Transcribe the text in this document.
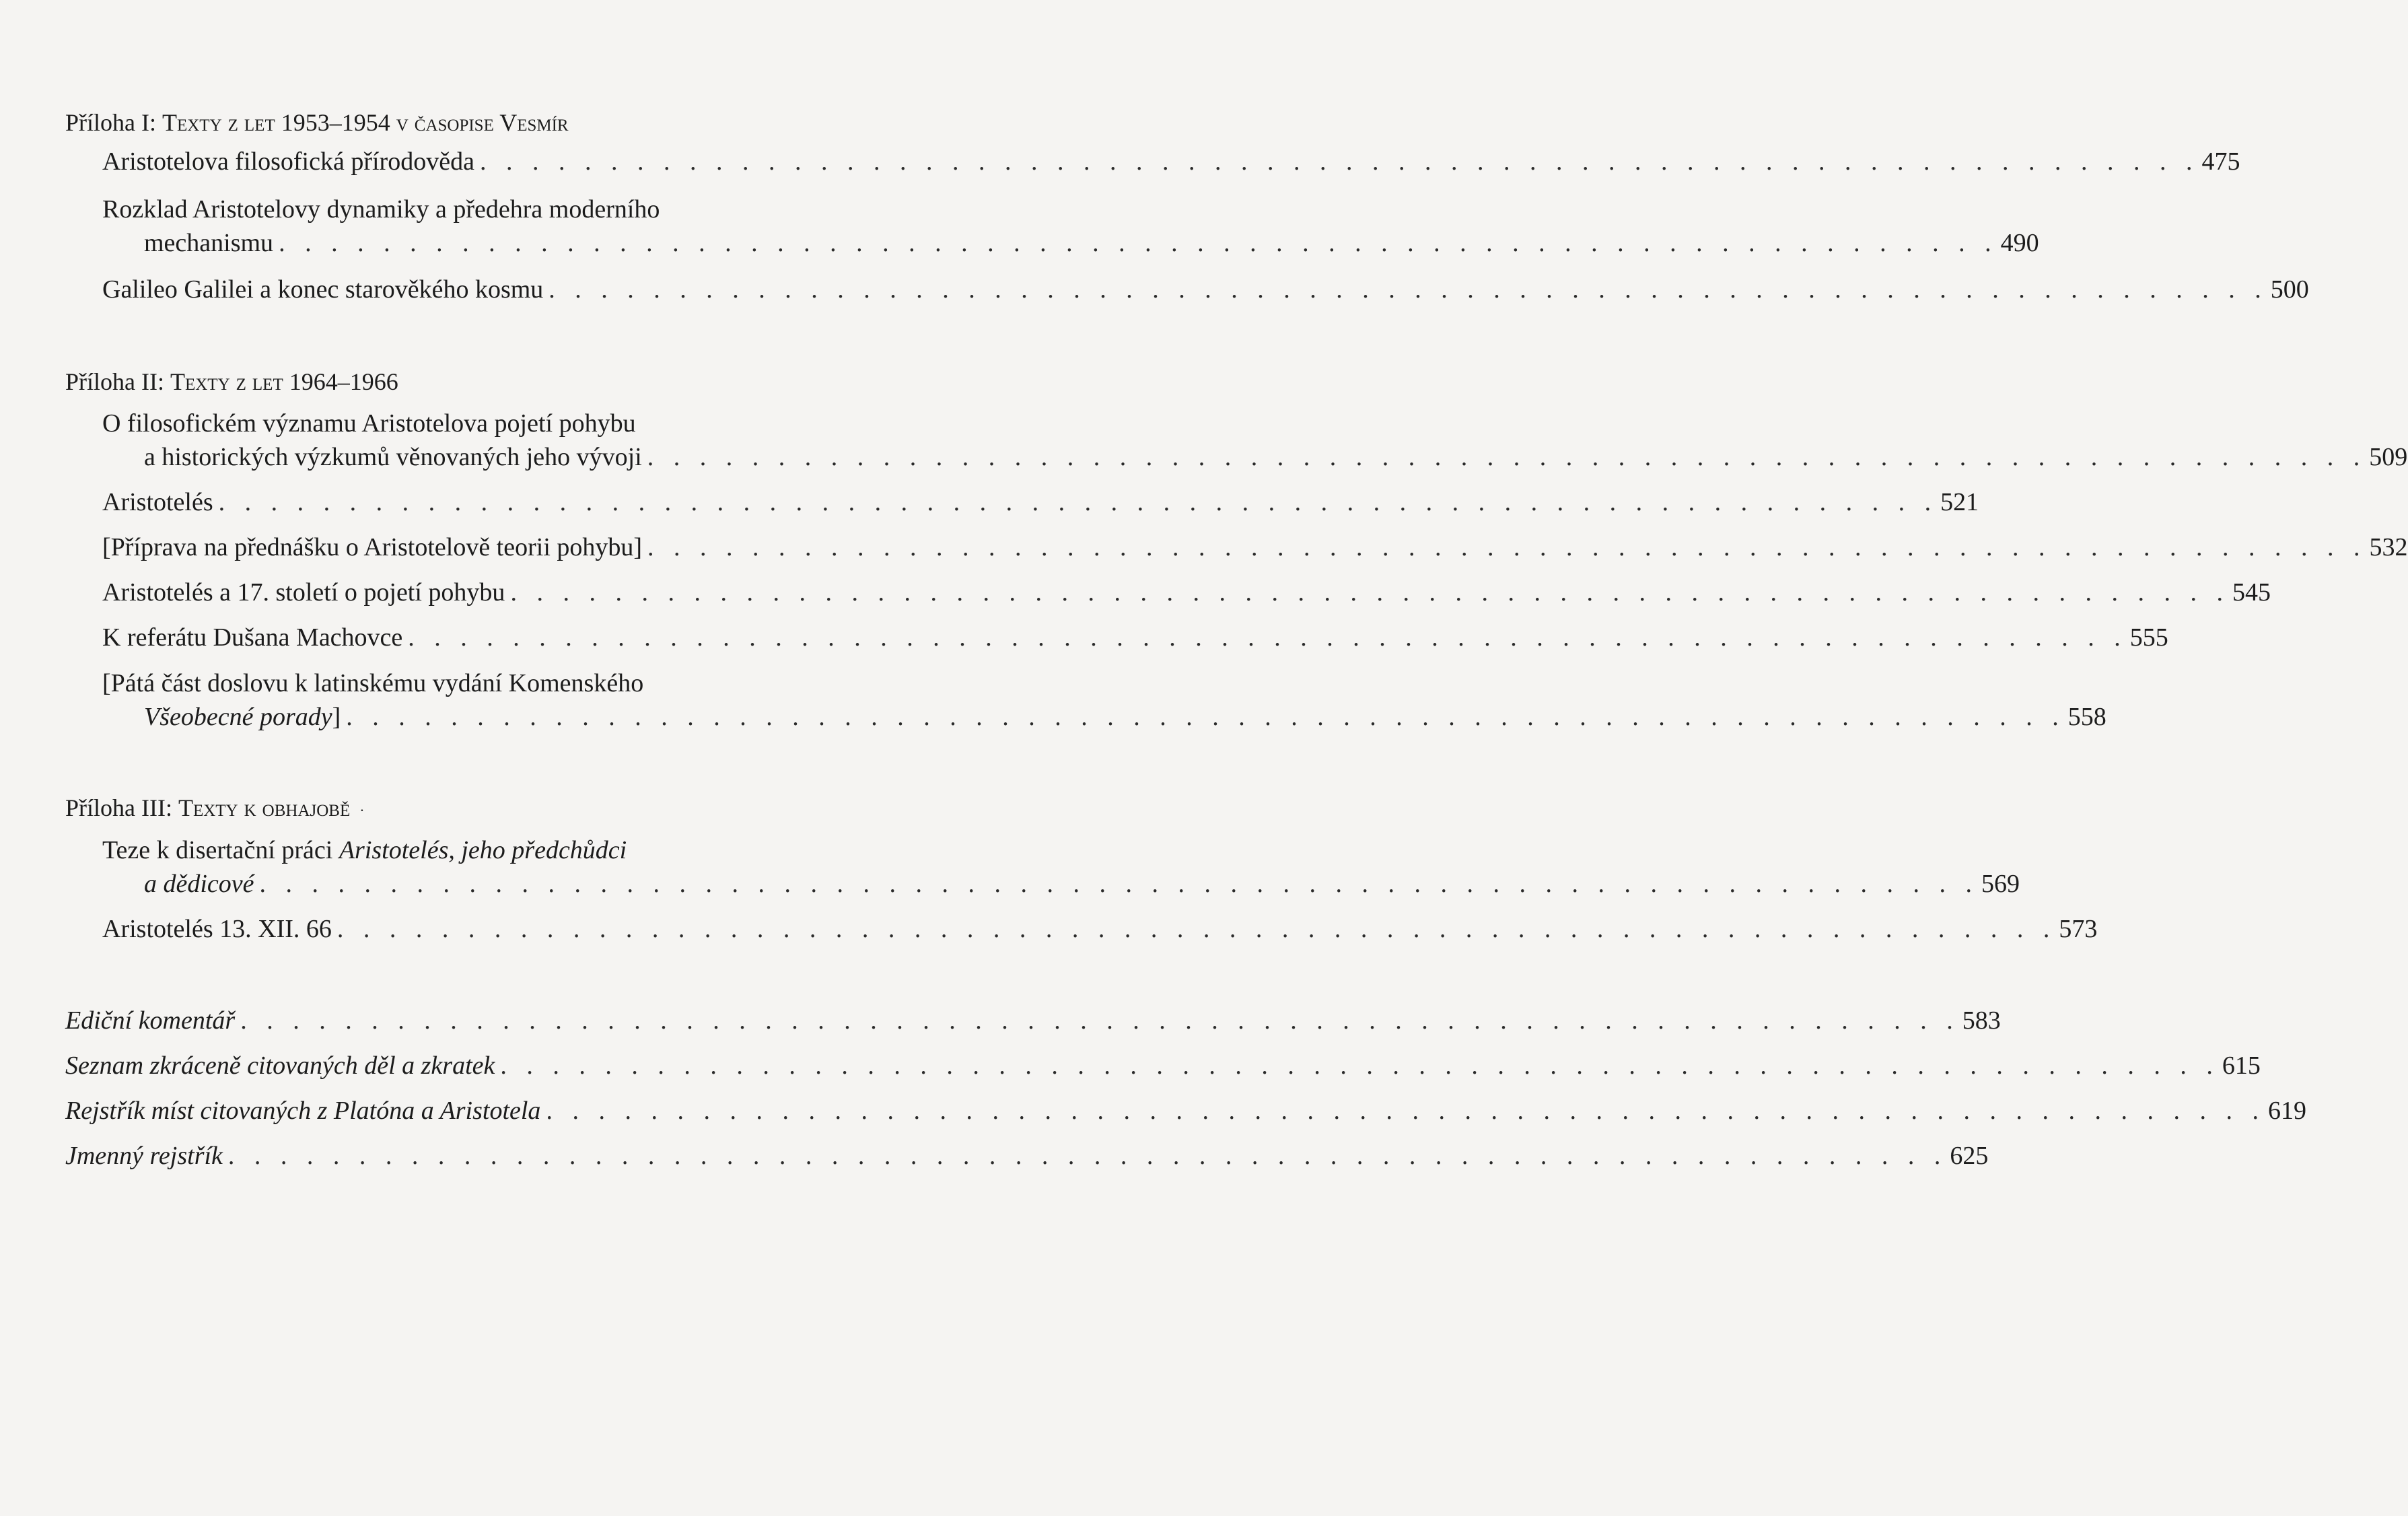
Příloha I: Texty z let 1953–1954 v časopise Vesmír
Aristotelova filosofická přírodověda . . . . . . . . . . . . . . . . . . . . . . . . . . . . . . . . . . . . . . . . . . . . . . . . . . . . . . . . . . . . . . . . . . 475
Rozklad Aristotelovy dynamiky a předehra moderního
mechanismu . . . . . . . . . . . . . . . . . . . . . . . . . . . . . . . . . . . . . . . . . . . . . . . . . . . . . . . . . . . . . . . . . . 490
Galileo Galilei a konec starověkého kosmu . . . . . . . . . . . . . . . . . . . . . . . . . . . . . . . . . . . . . . . . . . . . . . . . . . . . . . . . . . . . . . . . . . 500
Příloha II: Texty z let 1964–1966
O filosofickém významu Aristotelova pojetí pohybu
a historických výzkumů věnovaných jeho vývoji . . . . . . . . . . . . . . . . . . . . . . . . . . . . . . . . . . . . . . . . . . . . . . . . . . . . . . . . . . . . . . . . . . 509
Aristotelés . . . . . . . . . . . . . . . . . . . . . . . . . . . . . . . . . . . . . . . . . . . . . . . . . . . . . . . . . . . . . . . . . . 521
[Příprava na přednášku o Aristotelově teorii pohybu] . . . . . . . . . . . . . . . . . . . . . . . . . . . . . . . . . . . . . . . . . . . . . . . . . . . . . . . . . . . . . . . . . . 532
Aristotelés a 17. století o pojetí pohybu . . . . . . . . . . . . . . . . . . . . . . . . . . . . . . . . . . . . . . . . . . . . . . . . . . . . . . . . . . . . . . . . . . 545
K referátu Dušana Machovce . . . . . . . . . . . . . . . . . . . . . . . . . . . . . . . . . . . . . . . . . . . . . . . . . . . . . . . . . . . . . . . . . . 555
[Pátá část doslovu k latinskému vydání Komenského
Všeobecné porady] . . . . . . . . . . . . . . . . . . . . . . . . . . . . . . . . . . . . . . . . . . . . . . . . . . . . . . . . . . . . . . . . . . 558
Příloha III: Texty k obhajobě ·
Teze k disertační práci Aristotelés, jeho předchůdci
a dědicové . . . . . . . . . . . . . . . . . . . . . . . . . . . . . . . . . . . . . . . . . . . . . . . . . . . . . . . . . . . . . . . . . . 569
Aristotelés 13. XII. 66 . . . . . . . . . . . . . . . . . . . . . . . . . . . . . . . . . . . . . . . . . . . . . . . . . . . . . . . . . . . . . . . . . . 573
Ediční komentář . . . . . . . . . . . . . . . . . . . . . . . . . . . . . . . . . . . . . . . . . . . . . . . . . . . . . . . . . . . . . . . . . . 583
Seznam zkráceně citovaných děl a zkratek . . . . . . . . . . . . . . . . . . . . . . . . . . . . . . . . . . . . . . . . . . . . . . . . . . . . . . . . . . . . . . . . . . 615
Rejstřík míst citovaných z Platóna a Aristotela . . . . . . . . . . . . . . . . . . . . . . . . . . . . . . . . . . . . . . . . . . . . . . . . . . . . . . . . . . . . . . . . . . 619
Jmenný rejstřík . . . . . . . . . . . . . . . . . . . . . . . . . . . . . . . . . . . . . . . . . . . . . . . . . . . . . . . . . . . . . . . . . . 625
